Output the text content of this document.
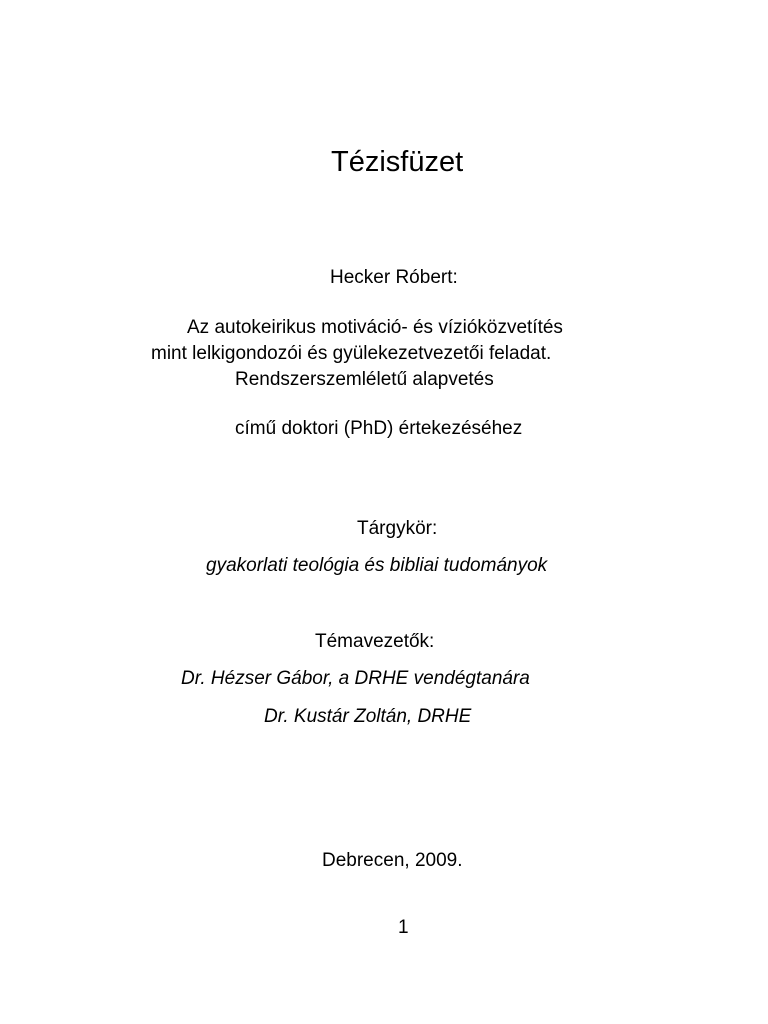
Tézisfüzet
Hecker Róbert:
Az autokeirikus motiváció- és vízióközvetítés
mint lelkigondozói és gyülekezetvezetői feladat.
Rendszerszemléletű alapvetés
című doktori (PhD) értekezéséhez
Tárgykör:
gyakorlati teológia és bibliai tudományok
Témavezetők:
Dr. Hézser Gábor, a DRHE vendégtanára
Dr. Kustár Zoltán, DRHE
Debrecen, 2009.
1
